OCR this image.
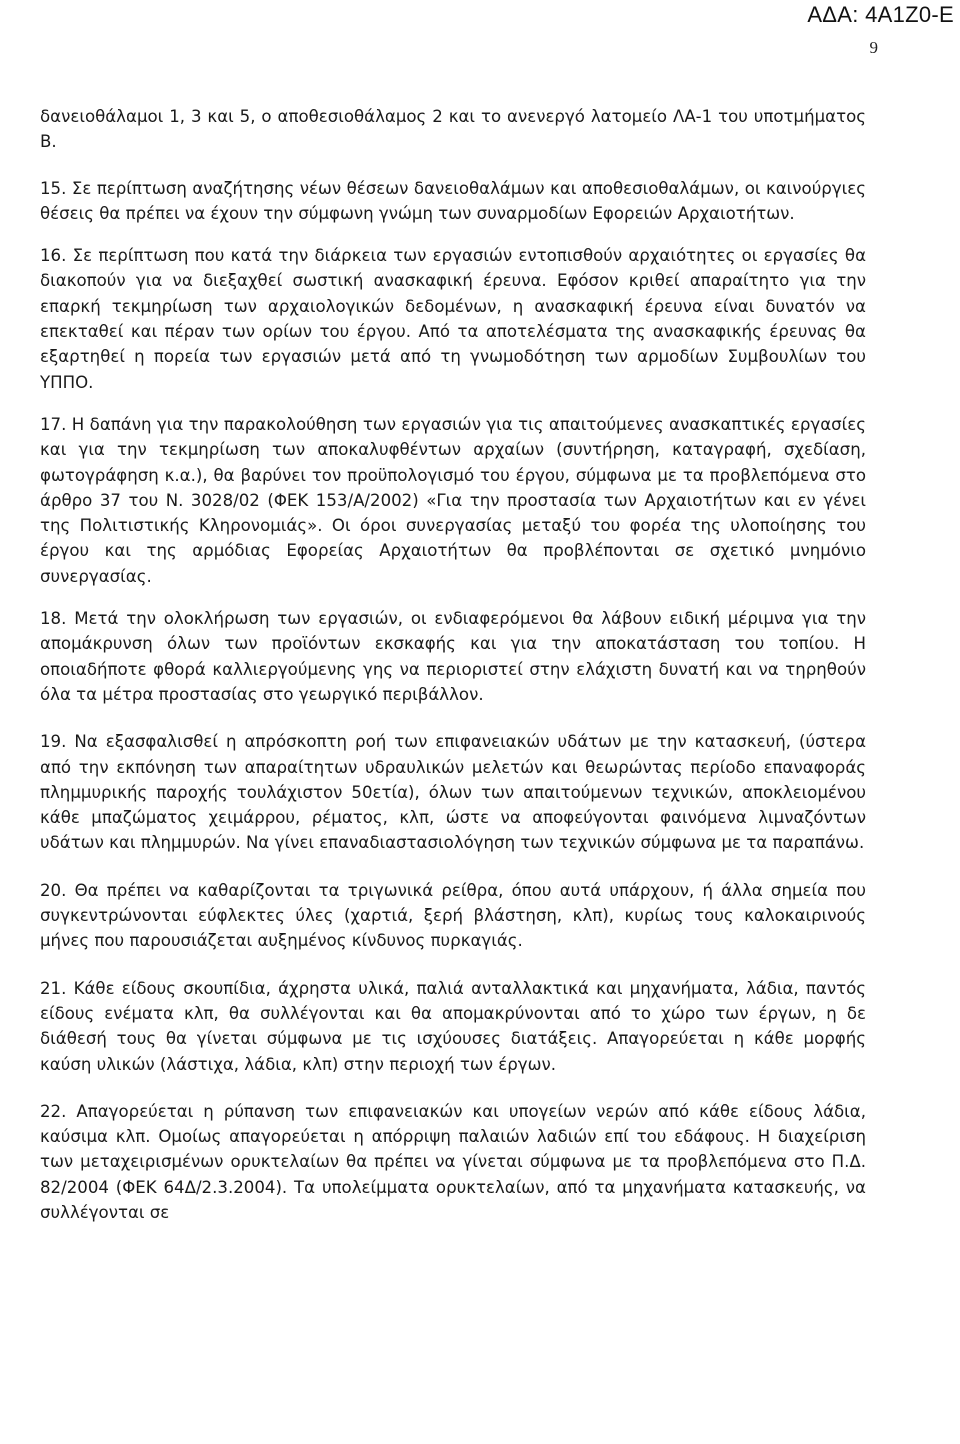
ΑΔΑ: 4Α1Ζ0-Ε
9

δανειοθάλαμοι 1, 3 και 5, ο αποθεσιοθάλαμος 2 και το ανενεργό λατομείο ΛΑ-1 του υποτμήματος Β.

15. Σε περίπτωση αναζήτησης νέων θέσεων δανειοθαλάμων και αποθεσιοθαλάμων, οι καινούργιες θέσεις θα πρέπει να έχουν την σύμφωνη γνώμη των συναρμοδίων Εφορειών Αρχαιοτήτων.

16. Σε περίπτωση που κατά την διάρκεια των εργασιών εντοπισθούν αρχαιότητες οι εργασίες θα διακοπούν για να διεξαχθεί σωστική ανασκαφική έρευνα. Εφόσον κριθεί απαραίτητο για την επαρκή τεκμηρίωση των αρχαιολογικών δεδομένων, η ανασκαφική έρευνα είναι δυνατόν να επεκταθεί και πέραν των ορίων του έργου. Από τα αποτελέσματα της ανασκαφικής έρευνας θα εξαρτηθεί η πορεία των εργασιών μετά από τη γνωμοδότηση των αρμοδίων Συμβουλίων του ΥΠΠΟ.

17. Η δαπάνη για την παρακολούθηση των εργασιών για τις απαιτούμενες ανασκαπτικές εργασίες και για την τεκμηρίωση των αποκαλυφθέντων αρχαίων (συντήρηση, καταγραφή, σχεδίαση, φωτογράφηση κ.α.), θα βαρύνει τον προϋπολογισμό του έργου, σύμφωνα με τα προβλεπόμενα στο άρθρο 37 του Ν. 3028/02 (ΦΕΚ 153/Α/2002) «Για την προστασία των Αρχαιοτήτων και εν γένει της Πολιτιστικής Κληρονομιάς». Οι όροι συνεργασίας μεταξύ του φορέα της υλοποίησης του έργου και της αρμόδιας Εφορείας Αρχαιοτήτων θα προβλέπονται σε σχετικό μνημόνιο συνεργασίας.

18. Μετά την ολοκλήρωση των εργασιών, οι ενδιαφερόμενοι θα λάβουν ειδική μέριμνα για την απομάκρυνση όλων των προϊόντων εκσκαφής και για την αποκατάσταση του τοπίου. Η οποιαδήποτε φθορά καλλιεργούμενης γης να περιοριστεί στην ελάχιστη δυνατή και να τηρηθούν όλα τα μέτρα προστασίας στο γεωργικό περιβάλλον.

19. Να εξασφαλισθεί η απρόσκοπτη ροή των επιφανειακών υδάτων με την κατασκευή, (ύστερα από την εκπόνηση των απαραίτητων υδραυλικών μελετών και θεωρώντας περίοδο επαναφοράς πλημμυρικής παροχής τουλάχιστον 50ετία), όλων των απαιτούμενων τεχνικών, αποκλειομένου κάθε μπαζώματος χειμάρρου, ρέματος, κλπ, ώστε να αποφεύγονται φαινόμενα λιμναζόντων υδάτων και πλημμυρών. Να γίνει επαναδιαστασιολόγηση των τεχνικών σύμφωνα με τα παραπάνω.

20. Θα πρέπει να καθαρίζονται τα τριγωνικά ρείθρα, όπου αυτά υπάρχουν, ή άλλα σημεία που συγκεντρώνονται εύφλεκτες ύλες (χαρτιά, ξερή βλάστηση, κλπ), κυρίως τους καλοκαιρινούς μήνες που παρουσιάζεται αυξημένος κίνδυνος πυρκαγιάς.

21. Κάθε είδους σκουπίδια, άχρηστα υλικά, παλιά ανταλλακτικά και μηχανήματα, λάδια, παντός είδους ενέματα κλπ, θα συλλέγονται και θα απομακρύνονται από το χώρο των έργων, η δε διάθεσή τους θα γίνεται σύμφωνα με τις ισχύουσες διατάξεις. Απαγορεύεται η κάθε μορφής καύση υλικών (λάστιχα, λάδια, κλπ) στην περιοχή των έργων.

22. Απαγορεύεται η ρύπανση των επιφανειακών και υπογείων νερών από κάθε είδους λάδια, καύσιμα κλπ. Ομοίως απαγορεύεται η απόρριψη παλαιών λαδιών επί του εδάφους. Η διαχείριση των μεταχειρισμένων ορυκτελαίων θα πρέπει να γίνεται σύμφωνα με τα προβλεπόμενα στο Π.Δ. 82/2004 (ΦΕΚ 64Δ/2.3.2004). Τα υπολείμματα ορυκτελαίων, από τα μηχανήματα κατασκευής, να συλλέγονται σε
